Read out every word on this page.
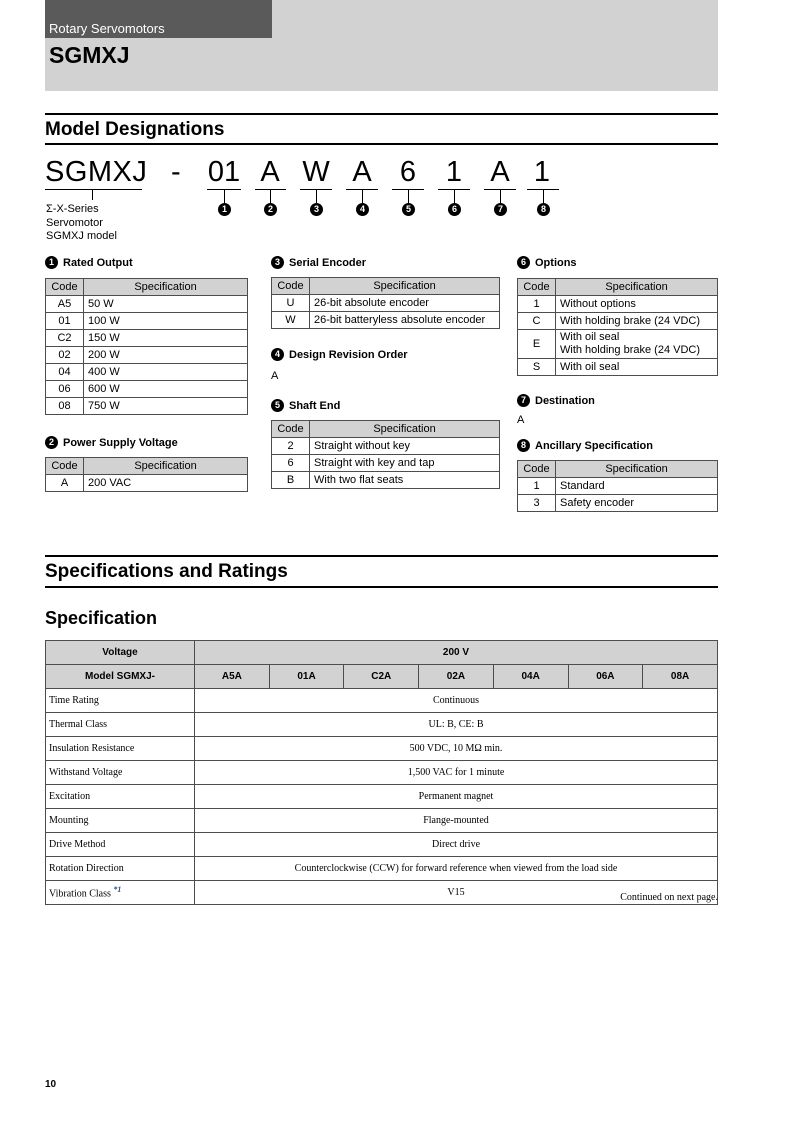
Rotary Servomotors
SGMXJ
Model Designations
SGMXJ - 01 A W A 6	1 A 1
1	2	3	4	5	6	7	8
Σ-X-Series
Servomotor
SGMXJ model
1 Rated Output
Code	Specification
A5	50 W
01	100 W
C2	150 W
02	200 W
04	400 W
06	600 W
08	750 W
2 Power Supply Voltage
Code	Specification
A	200 VAC
3 Serial Encoder
Code	Specification
U	26-bit absolute encoder
W	26-bit batteryless absolute encoder
4 Design Revision Order
A
5 Shaft End
Code	Specification
2	Straight without key
6	Straight with key and tap
B	With two flat seats
6 Options
Code	Specification
1	Without options
C	With holding brake (24 VDC)
E	With oil seal
With holding brake (24 VDC)

S	With oil seal
7 Destination
A
8 Ancillary Specification
Code	Specification
1	Standard
3	Safety encoder
Specifications and Ratings
Specification
Voltage	200 V						
Model SGMXJ-	A5A	01A	C2A	02A	04A	06A	08A
Time Rating	Continuous						
Thermal Class	UL: B, CE: B						
Insulation Resistance	500 VDC, 10 MΩ min.						
Withstand Voltage	1,500 VAC for 1 minute						
Excitation	Permanent magnet						
Mounting	Flange-mounted						
Drive Method	Direct drive						
Rotation Direction	Counterclockwise (CCW) for forward reference when viewed from the load side						
Vibration Class $^{*1}$	V15							Continued on next page.
10
